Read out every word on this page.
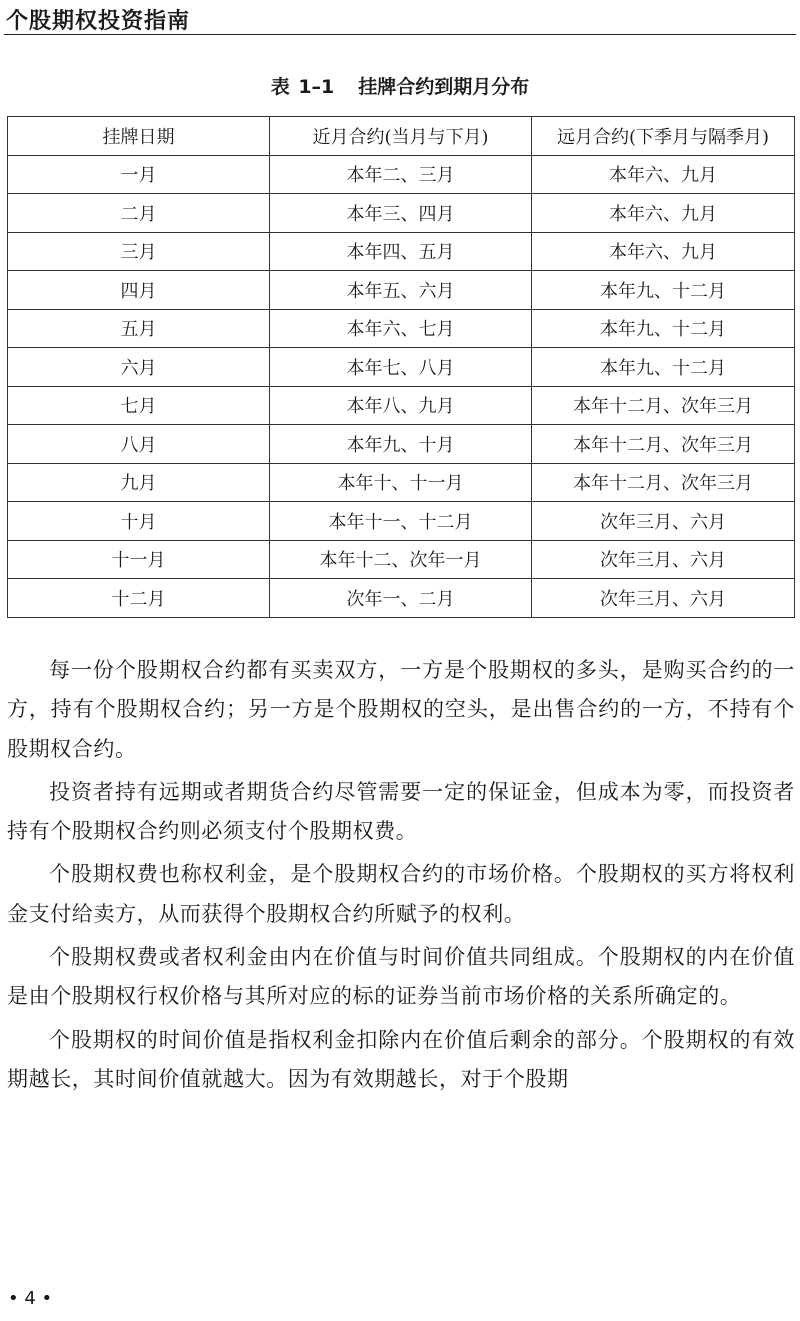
个股期权投资指南
表 1–1 挂牌合约到期月分布
挂牌日期	近月合约(当月与下月)	远月合约(下季月与隔季月)
一月	本年二、三月	本年六、九月
二月	本年三、四月	本年六、九月
三月	本年四、五月	本年六、九月
四月	本年五、六月	本年九、十二月
五月	本年六、七月	本年九、十二月
六月	本年七、八月	本年九、十二月
七月	本年八、九月	本年十二月、次年三月
八月	本年九、十月	本年十二月、次年三月
九月	本年十、十一月	本年十二月、次年三月
十月	本年十一、十二月	次年三月、六月
十一月	本年十二、次年一月	次年三月、六月
十二月	次年一、二月	次年三月、六月

每一份个股期权合约都有买卖双方，一方是个股期权的多头，是购买合约的一方，持有个股期权合约；另一方是个股期权的空头，是出售合约的一方，不持有个股期权合约。

投资者持有远期或者期货合约尽管需要一定的保证金，但成本为零，而投资者持有个股期权合约则必须支付个股期权费。

个股期权费也称权利金，是个股期权合约的市场价格。个股期权的买方将权利金支付给卖方，从而获得个股期权合约所赋予的权利。

个股期权费或者权利金由内在价值与时间价值共同组成。个股期权的内在价值是由个股期权行权价格与其所对应的标的证券当前市场价格的关系所确定的。

个股期权的时间价值是指权利金扣除内在价值后剩余的部分。个股期权的有效期越长，其时间价值就越大。因为有效期越长，对于个股期

• 4 •
